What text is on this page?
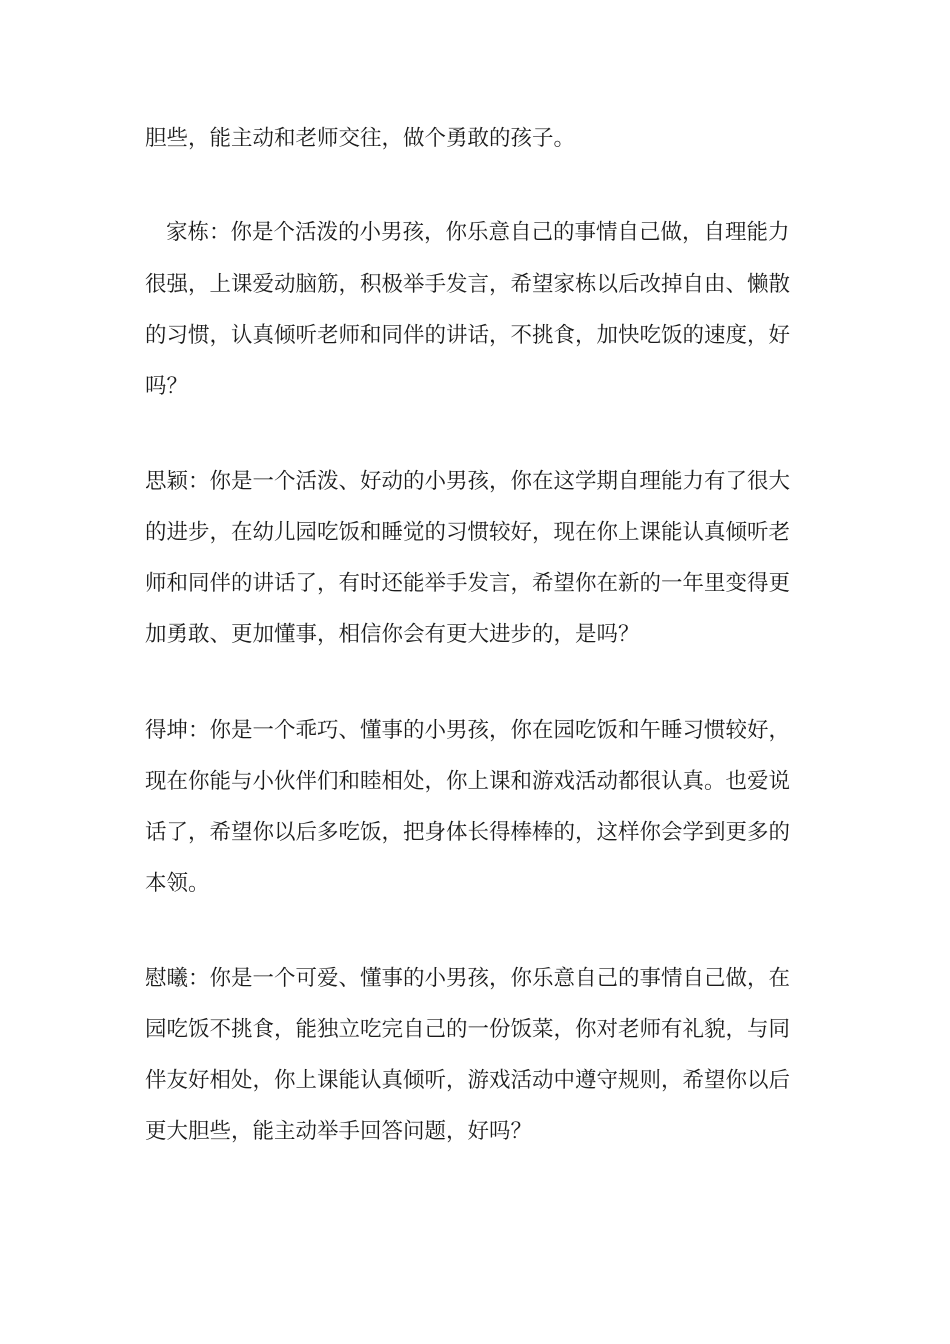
胆些，能主动和老师交往，做个勇敢的孩子。

家栋：你是个活泼的小男孩，你乐意自己的事情自己做，自理能力

很强，上课爱动脑筋，积极举手发言，希望家栋以后改掉自由、懒散

的习惯，认真倾听老师和同伴的讲话，不挑食，加快吃饭的速度，好

吗？

思颖：你是一个活泼、好动的小男孩，你在这学期自理能力有了很大

的进步，在幼儿园吃饭和睡觉的习惯较好，现在你上课能认真倾听老

师和同伴的讲话了，有时还能举手发言，希望你在新的一年里变得更

加勇敢、更加懂事，相信你会有更大进步的，是吗？

得坤：你是一个乖巧、懂事的小男孩，你在园吃饭和午睡习惯较好，

现在你能与小伙伴们和睦相处，你上课和游戏活动都很认真。也爱说

话了，希望你以后多吃饭，把身体长得棒棒的，这样你会学到更多的

本领。

慰曦：你是一个可爱、懂事的小男孩，你乐意自己的事情自己做，在

园吃饭不挑食，能独立吃完自己的一份饭菜，你对老师有礼貌，与同

伴友好相处，你上课能认真倾听，游戏活动中遵守规则，希望你以后

更大胆些，能主动举手回答问题，好吗？
